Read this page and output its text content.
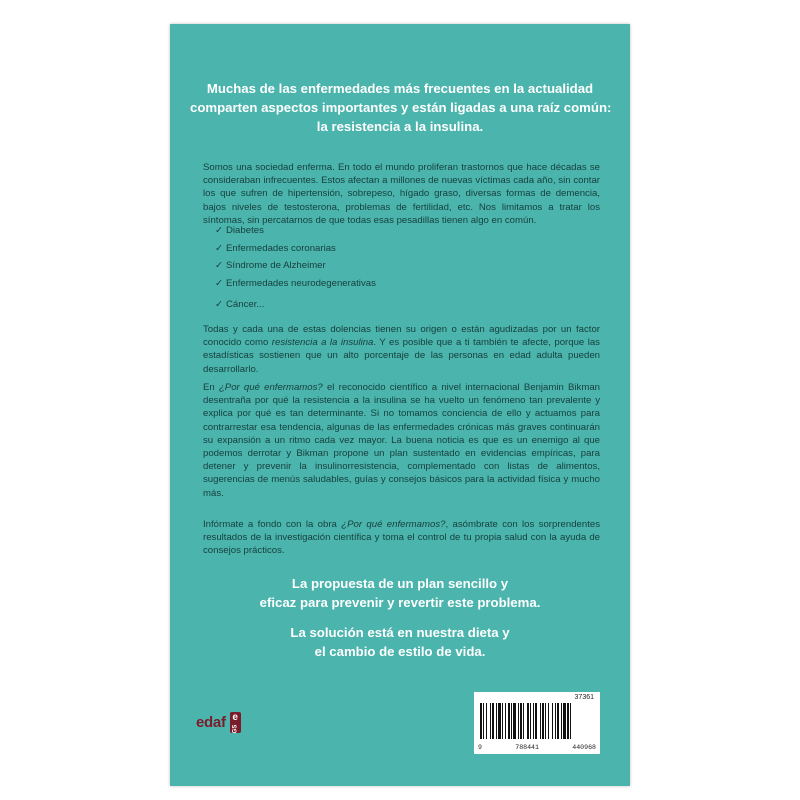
Muchas de las enfermedades más frecuentes en la actualidad
comparten aspectos importantes y están ligadas a una raíz común:
la resistencia a la insulina.
Somos una sociedad enferma. En todo el mundo proliferan trastornos que hace décadas se consideraban infrecuentes. Estos afectan a millones de nuevas víctimas cada año, sin contar los que sufren de hipertensión, sobrepeso, hígado graso, diversas formas de demencia, bajos niveles de testosterona, problemas de fertilidad, etc. Nos limitamos a tratar los síntomas, sin percatarnos de que todas esas pesadillas tienen algo en común.
✓ Diabetes
✓ Enfermedades coronarias
✓ Síndrome de Alzheimer
✓ Enfermedades neurodegenerativas
✓ Cáncer...
Todas y cada una de estas dolencias tienen su origen o están agudizadas por un factor conocido como resistencia a la insulina. Y es posible que a ti también te afecte, porque las estadísticas sostienen que un alto porcentaje de las personas en edad adulta pueden desarrollarlo.
En ¿Por qué enfermamos? el reconocido científico a nivel internacional Benjamin Bikman desentraña por qué la resistencia a la insulina se ha vuelto un fenómeno tan prevalente y explica por qué es tan determinante. Si no tomamos conciencia de ello y actuamos para contrarrestar esa tendencia, algunas de las enfermedades crónicas más graves continuarán su expansión a un ritmo cada vez mayor. La buena noticia es que es un enemigo al que podemos derrotar y Bikman propone un plan sustentado en evidencias empíricas, para detener y prevenir la insulinorresistencia, complementado con listas de alimentos, sugerencias de menús saludables, guías y consejos básicos para la actividad física y mucho más.
Infórmate a fondo con la obra ¿Por qué enfermamos?, asómbrate con los sorprendentes resultados de la investigación científica y toma el control de tu propia salud con la ayuda de consejos prácticos.
La propuesta de un plan sencillo y
eficaz para prevenir y revertir este problema.
La solución está en nuestra dieta y
el cambio de estilo de vida.
edaf e
GS
37361
9	788441	440968
